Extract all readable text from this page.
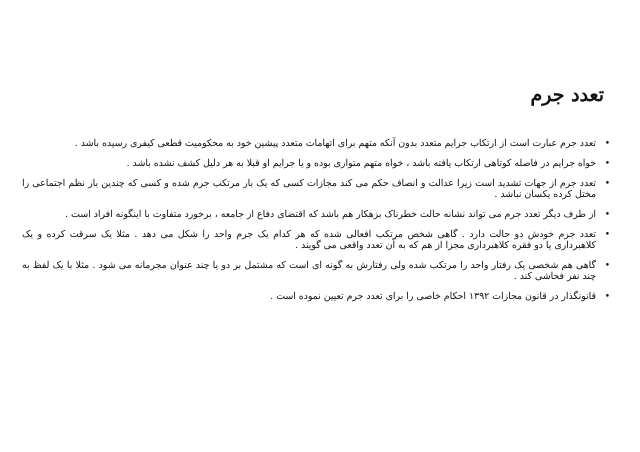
تعدد جرم
•
تعدد جرم عبارت است از ارتکاب جرایم متعدد بدون آنکه متهم برای اتهامات متعدد پیشین خود به محکومیت قطعی کیفری رسیده باشد .
•
خواه جرایم در فاصله کوتاهی ارتکاب یافته باشد ، خواه متهم متواری بوده و یا جرایم او قبلا به هر دلیل کشف نشده باشد .
•
تعدد جرم از جهات تشدید است زیرا عدالت و انصاف حکم می کند مجازات کسی که یک بار مرتکب جرم شده و کسی که چندین بار نظم اجتماعی را مختل کرده یکسان نباشد .
•
از طرف دیگر تعدد جرم می تواند نشانه حالت خطرناک بزهکار هم باشد که اقتضای دفاع از جامعه ، برخورد متفاوت با اینگونه افراد است .
•
تعدد جرم خودش دو حالت دارد . گاهی شخص مرتکب افعالی شده که هر کدام یک جرم واحد را شکل می دهد . مثلا یک سرقت کرده و یک کلاهبرداری یا دو فقره کلاهبرداری مجزا از هم که به آن تعدد واقعی می گویند .
•
گاهی هم شخصی یک رفتار واحد را مرتکب شده ولی رفتارش به گونه ای است که مشتمل بر دو یا چند عنوان مجرمانه می شود . مثلا با یک لفظ به چند نفر فحاشی کند .
•
قانونگذار در قانون مجازات ۱۳۹۲ احکام خاصی را برای تعدد جرم تعیین نموده است .
